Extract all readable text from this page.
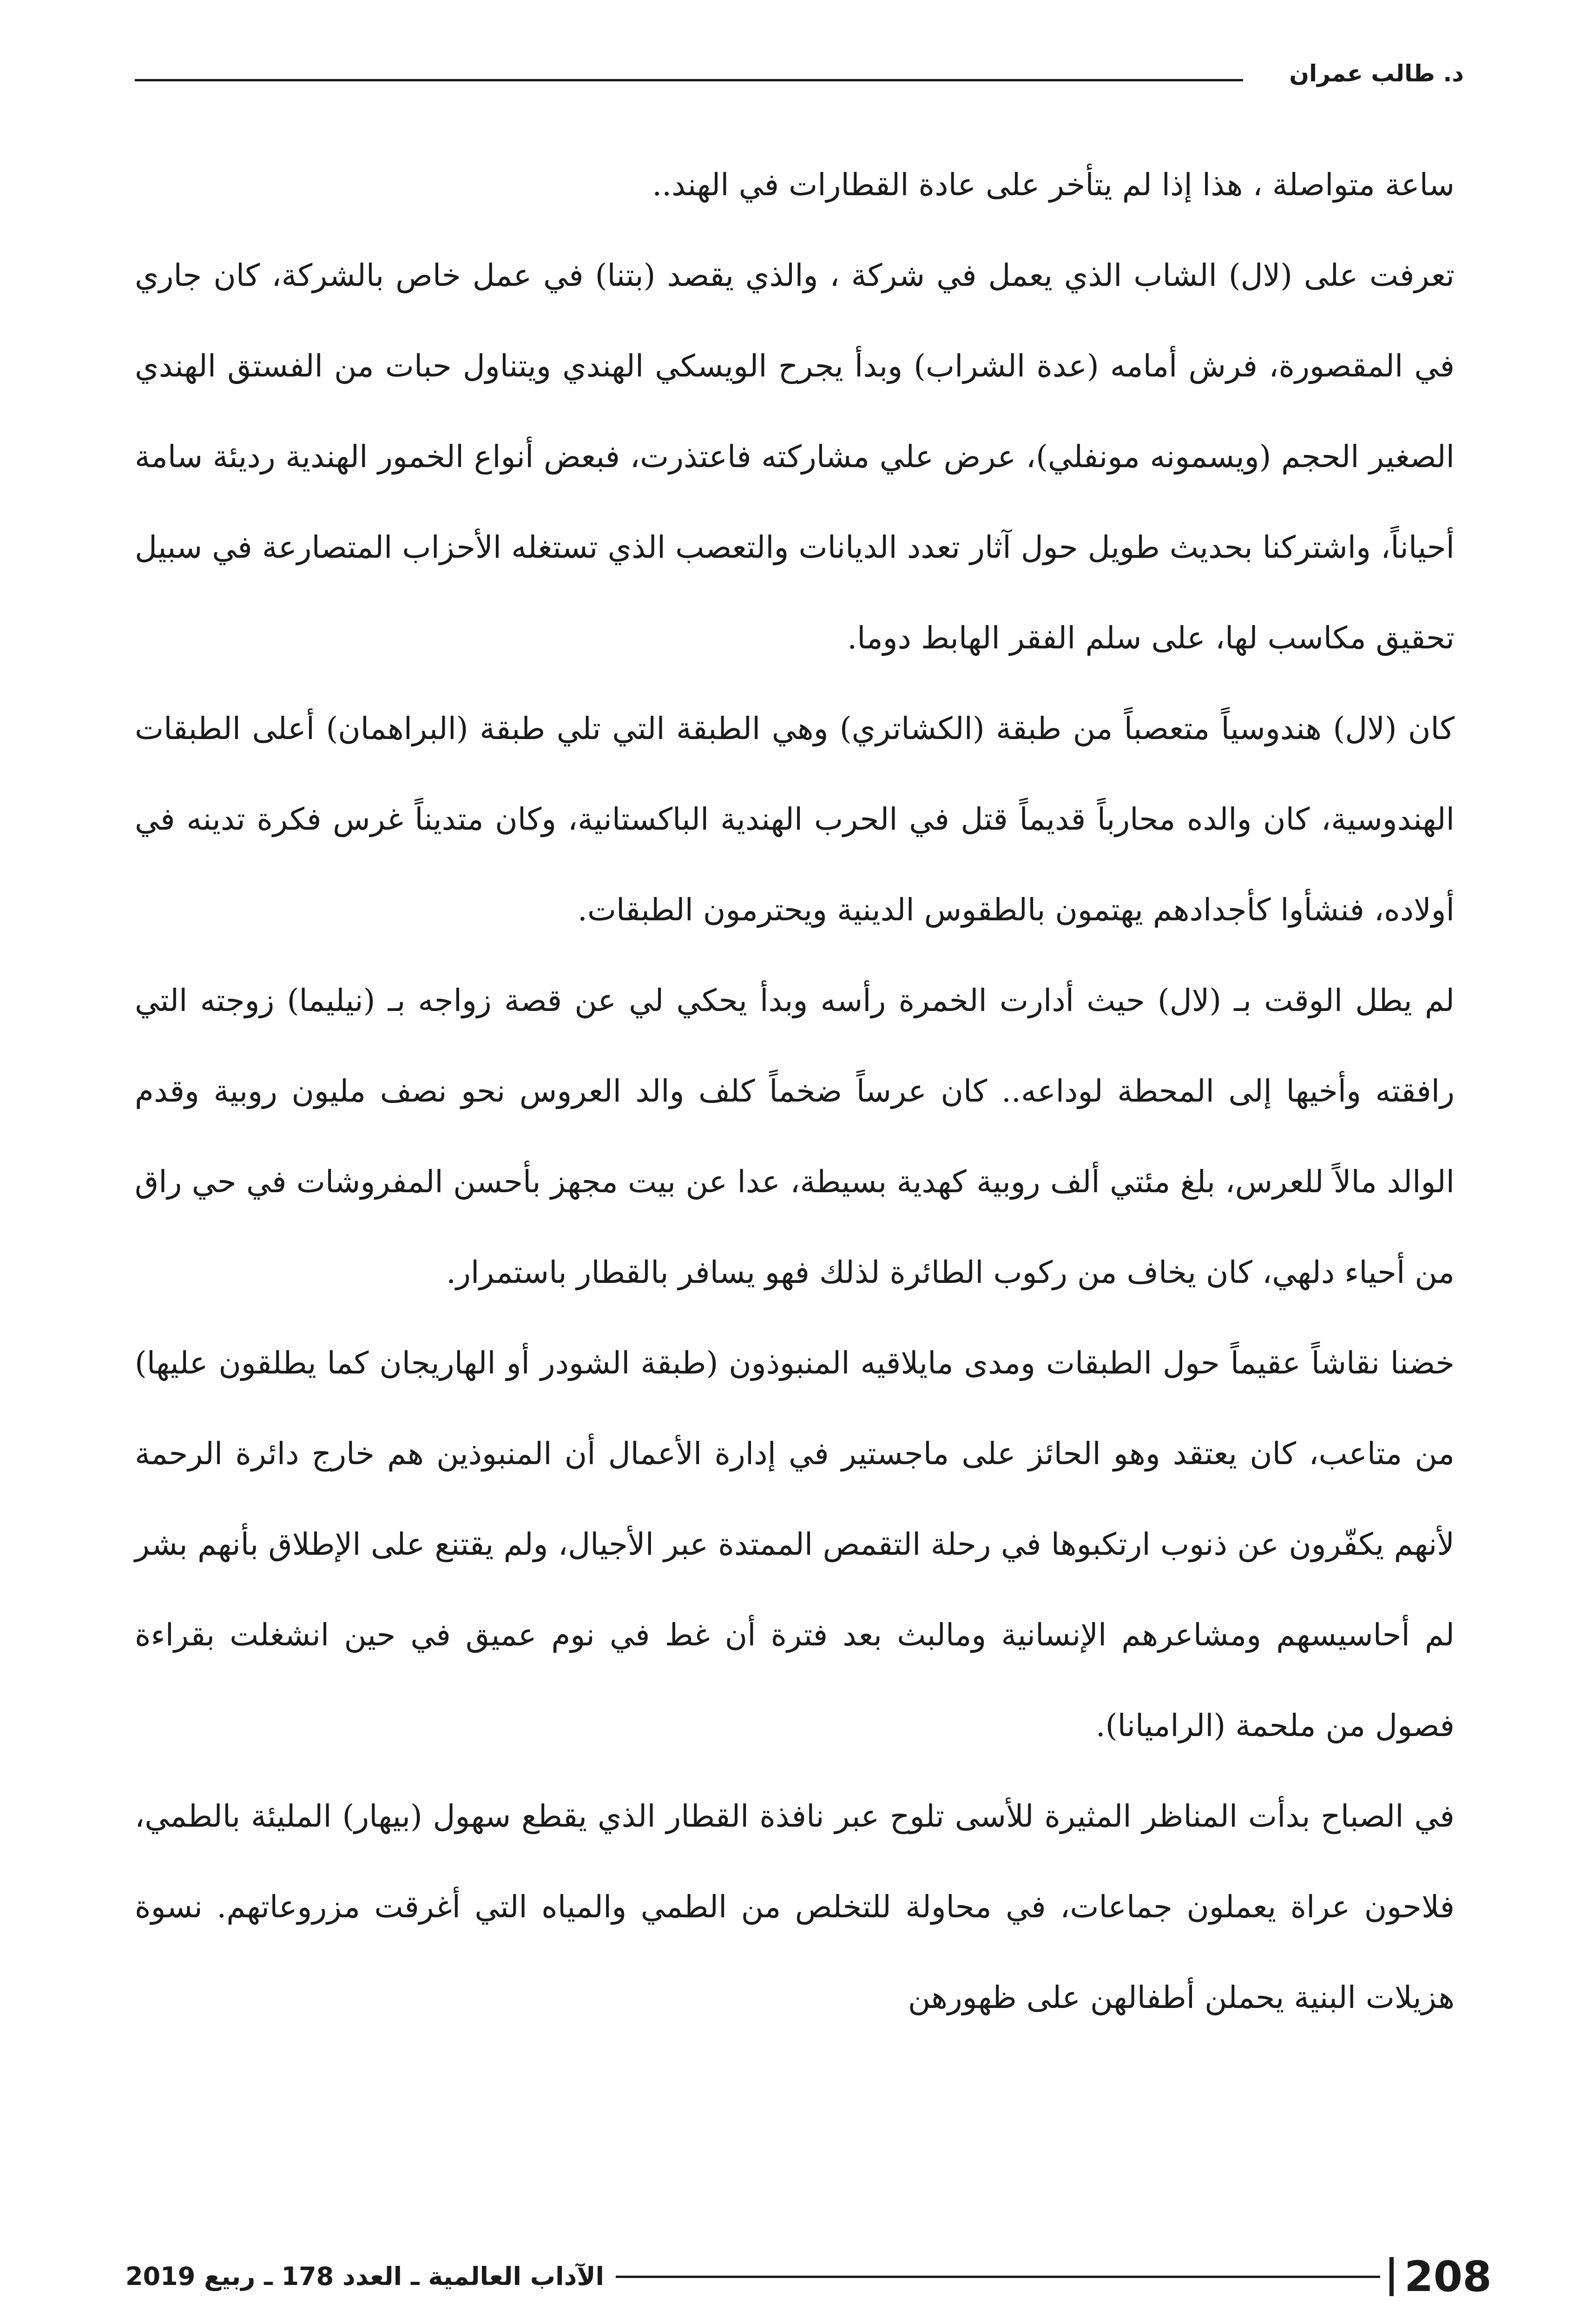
د. طالب عمران

ساعة متواصلة ، هذا إذا لم يتأخر على عادة القطارات في الهند..

تعرفت على (لال) الشاب الذي يعمل في شركة ، والذي يقصد (بتنا) في عمل خاص بالشركة، كان جاري في المقصورة، فرش أمامه (عدة الشراب) وبدأ يجرح الويسكي الهندي ويتناول حبات من الفستق الهندي الصغير الحجم (ويسمونه مونفلي)، عرض علي مشاركته فاعتذرت، فبعض أنواع الخمور الهندية رديئة سامة أحياناً، واشتركنا بحديث طويل حول آثار تعدد الديانات والتعصب الذي تستغله الأحزاب المتصارعة في سبيل تحقيق مكاسب لها، على سلم الفقر الهابط دوما.

كان (لال) هندوسياً متعصباً من طبقة (الكشاتري) وهي الطبقة التي تلي طبقة (البراهمان) أعلى الطبقات الهندوسية، كان والده محارباً قديماً قتل في الحرب الهندية الباكستانية، وكان متديناً غرس فكرة تدينه في أولاده، فنشأوا كأجدادهم يهتمون بالطقوس الدينية ويحترمون الطبقات.

لم يطل الوقت بـ (لال) حيث أدارت الخمرة رأسه وبدأ يحكي لي عن قصة زواجه بـ (نيليما) زوجته التي رافقته وأخيها إلى المحطة لوداعه.. كان عرساً ضخماً كلف والد العروس نحو نصف مليون روبية وقدم الوالد مالاً للعرس، بلغ مئتي ألف روبية كهدية بسيطة، عدا عن بيت مجهز بأحسن المفروشات في حي راق من أحياء دلهي، كان يخاف من ركوب الطائرة لذلك فهو يسافر بالقطار باستمرار.

خضنا نقاشاً عقيماً حول الطبقات ومدى مايلاقيه المنبوذون (طبقة الشودر أو الهاريجان كما يطلقون عليها) من متاعب، كان يعتقد وهو الحائز على ماجستير في إدارة الأعمال أن المنبوذين هم خارج دائرة الرحمة لأنهم يكفّرون عن ذنوب ارتكبوها في رحلة التقمص الممتدة عبر الأجيال، ولم يقتنع على الإطلاق بأنهم بشر لم أحاسيسهم ومشاعرهم الإنسانية ومالبث بعد فترة أن غط في نوم عميق في حين انشغلت بقراءة فصول من ملحمة (الراميانا).

في الصباح بدأت المناظر المثيرة للأسى تلوح عبر نافذة القطار الذي يقطع سهول (بيهار) المليئة بالطمي، فلاحون عراة يعملون جماعات، في محاولة للتخلص من الطمي والمياه التي أغرقت مزروعاتهم. نسوة هزيلات البنية يحملن أطفالهن على ظهورهن

الآداب العالمية ـ العدد 178 ـ ربيع 2019	208
